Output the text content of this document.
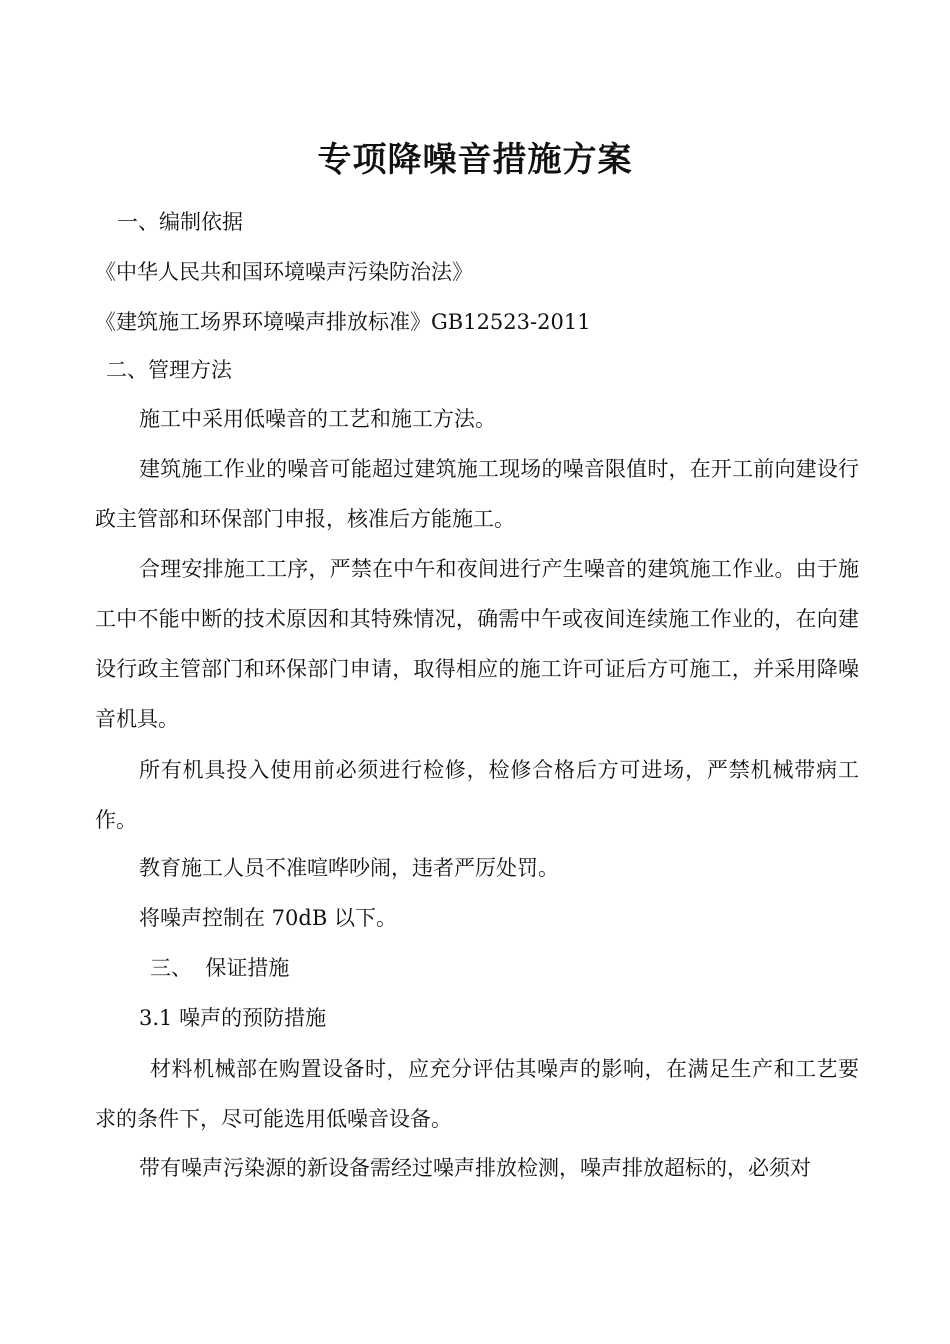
专项降噪音措施方案
一、编制依据
《中华人民共和国环境噪声污染防治法》
《建筑施工场界环境噪声排放标准》GB12523-2011
二、管理方法
施工中采用低噪音的工艺和施工方法。
建筑施工作业的噪音可能超过建筑施工现场的噪音限值时，在开工前向建设行政主管部和环保部门申报，核准后方能施工。
合理安排施工工序，严禁在中午和夜间进行产生噪音的建筑施工作业。由于施工中不能中断的技术原因和其特殊情况，确需中午或夜间连续施工作业的，在向建设行政主管部门和环保部门申请，取得相应的施工许可证后方可施工，并采用降噪音机具。
所有机具投入使用前必须进行检修，检修合格后方可进场，严禁机械带病工作。
教育施工人员不准喧哗吵闹，违者严厉处罚。
将噪声控制在 70dB 以下。
三、  保证措施
3.1 噪声的预防措施
材料机械部在购置设备时，应充分评估其噪声的影响，在满足生产和工艺要求的条件下，尽可能选用低噪音设备。
带有噪声污染源的新设备需经过噪声排放检测，噪声排放超标的，必须对
